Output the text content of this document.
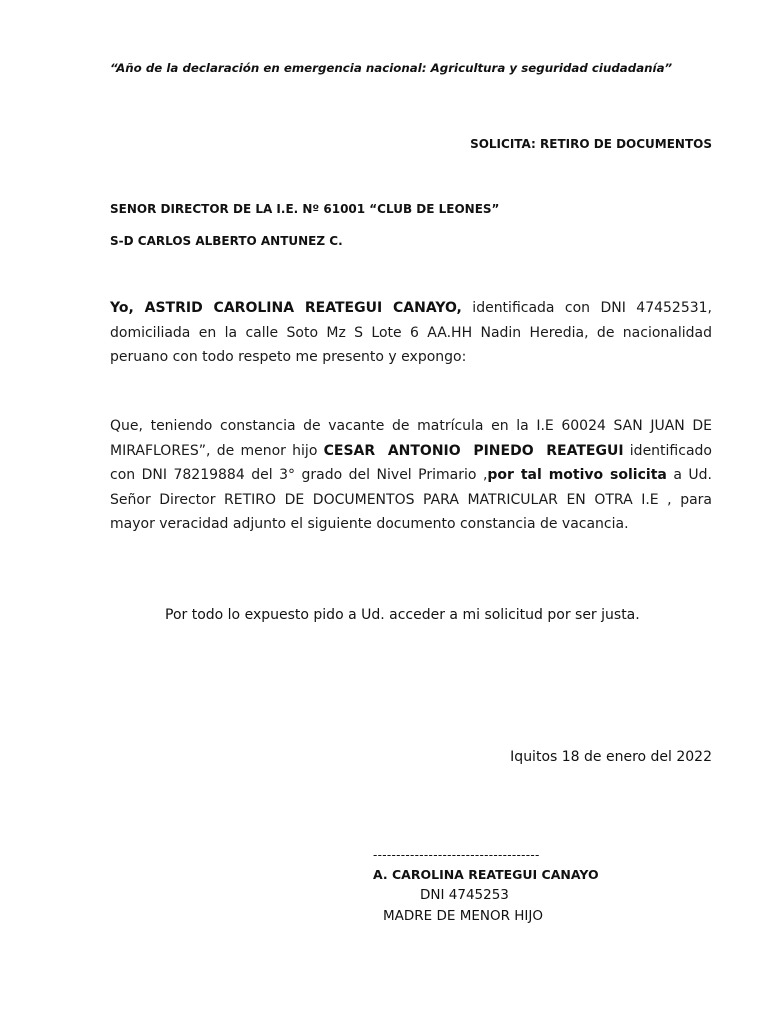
“Año de la declaración en emergencia nacional: Agricultura y seguridad ciudadanía”
SOLICITA: RETIRO DE DOCUMENTOS
SENOR DIRECTOR DE LA I.E. Nº 61001 “CLUB DE LEONES”
S-D CARLOS ALBERTO ANTUNEZ C.
Yo, ASTRID CAROLINA REATEGUI CANAYO, identificada con DNI 47452531, domiciliada en la calle Soto Mz S Lote 6 AA.HH Nadin Heredia, de nacionalidad peruano con todo respeto me presento y expongo:
Que, teniendo constancia de vacante de matrícula en la I.E 60024 SAN JUAN DE MIRAFLORES”, de menor hijo CESAR ANTONIO PINEDO REATEGUI identificado con DNI 78219884 del 3° grado del Nivel Primario ,por tal motivo solicita a Ud. Señor Director RETIRO DE DOCUMENTOS PARA MATRICULAR EN OTRA I.E , para mayor veracidad adjunto el siguiente documento constancia de vacancia.
Por todo lo expuesto pido a Ud. acceder a mi solicitud por ser justa.
Iquitos 18 de enero del 2022
------------------------------------
A. CAROLINA REATEGUI CANAYO
DNI 4745253
MADRE DE MENOR HIJO
